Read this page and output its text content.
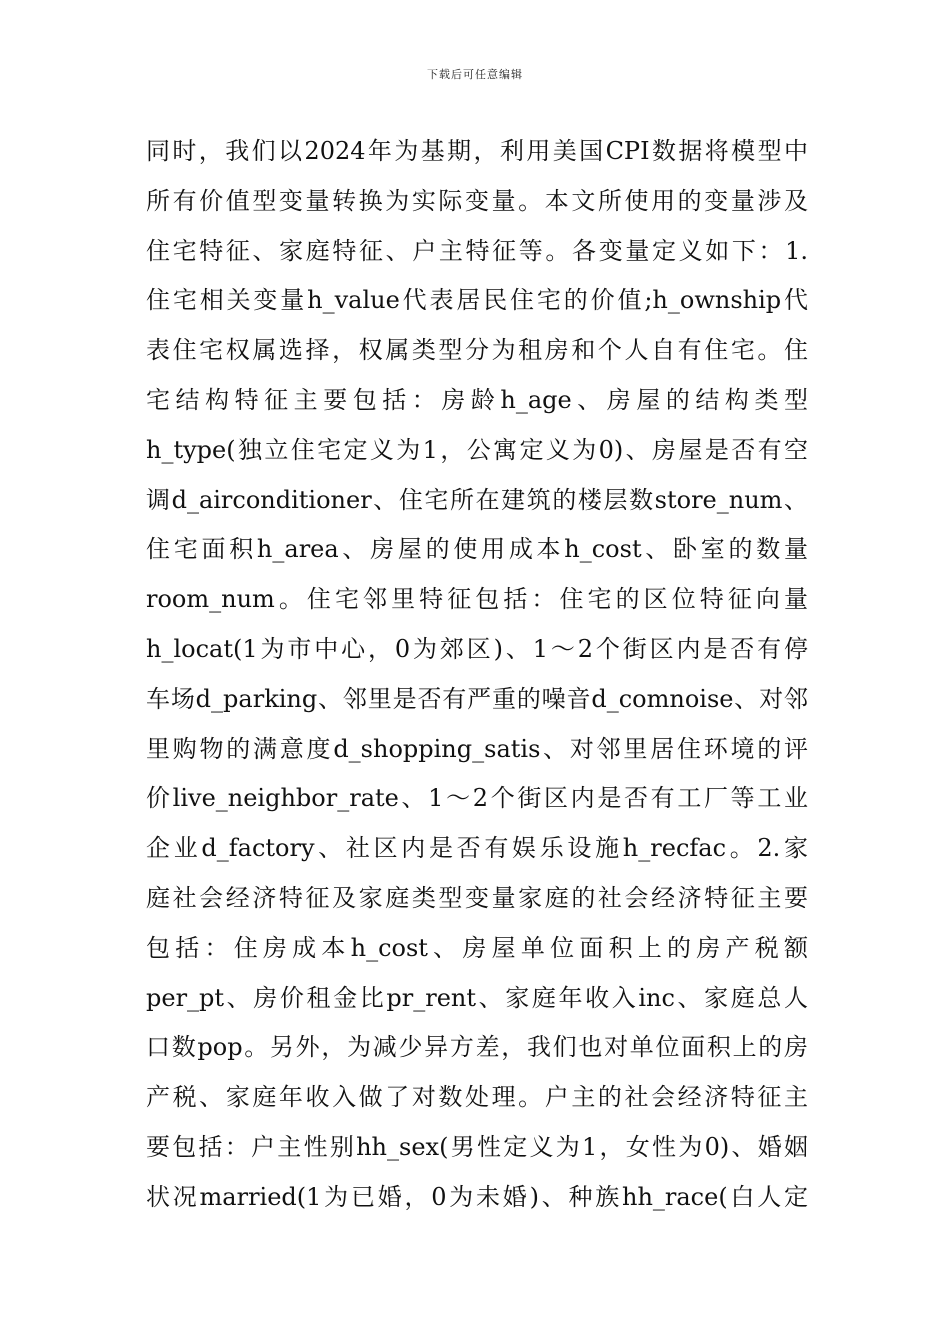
下载后可任意编辑
同时，我们以2024年为基期，利用美国CPI数据将模型中
所有价值型变量转换为实际变量。本文所使用的变量涉及
住宅特征、家庭特征、户主特征等。各变量定义如下：1.
住宅相关变量h_value代表居民住宅的价值;h_ownship代
表住宅权属选择，权属类型分为租房和个人自有住宅。住
宅结构特征主要包括：房龄h_age、房屋的结构类型
h_type(独立住宅定义为1，公寓定义为0)、房屋是否有空
调d_airconditioner、住宅所在建筑的楼层数store_num、
住宅面积h_area、房屋的使用成本h_cost、卧室的数量
room_num。住宅邻里特征包括：住宅的区位特征向量
h_locat(1为市中心，0为郊区)、1～2个街区内是否有停
车场d_parking、邻里是否有严重的噪音d_comnoise、对邻
里购物的满意度d_shopping_satis、对邻里居住环境的评
价live_neighbor_rate、1～2个街区内是否有工厂等工业
企业d_factory、社区内是否有娱乐设施h_recfac。2.家
庭社会经济特征及家庭类型变量家庭的社会经济特征主要
包括：住房成本h_cost、房屋单位面积上的房产税额
per_pt、房价租金比pr_rent、家庭年收入inc、家庭总人
口数pop。另外，为减少异方差，我们也对单位面积上的房
产税、家庭年收入做了对数处理。户主的社会经济特征主
要包括：户主性别hh_sex(男性定义为1，女性为0)、婚姻
状况married(1为已婚，0为未婚)、种族hh_race(白人定
